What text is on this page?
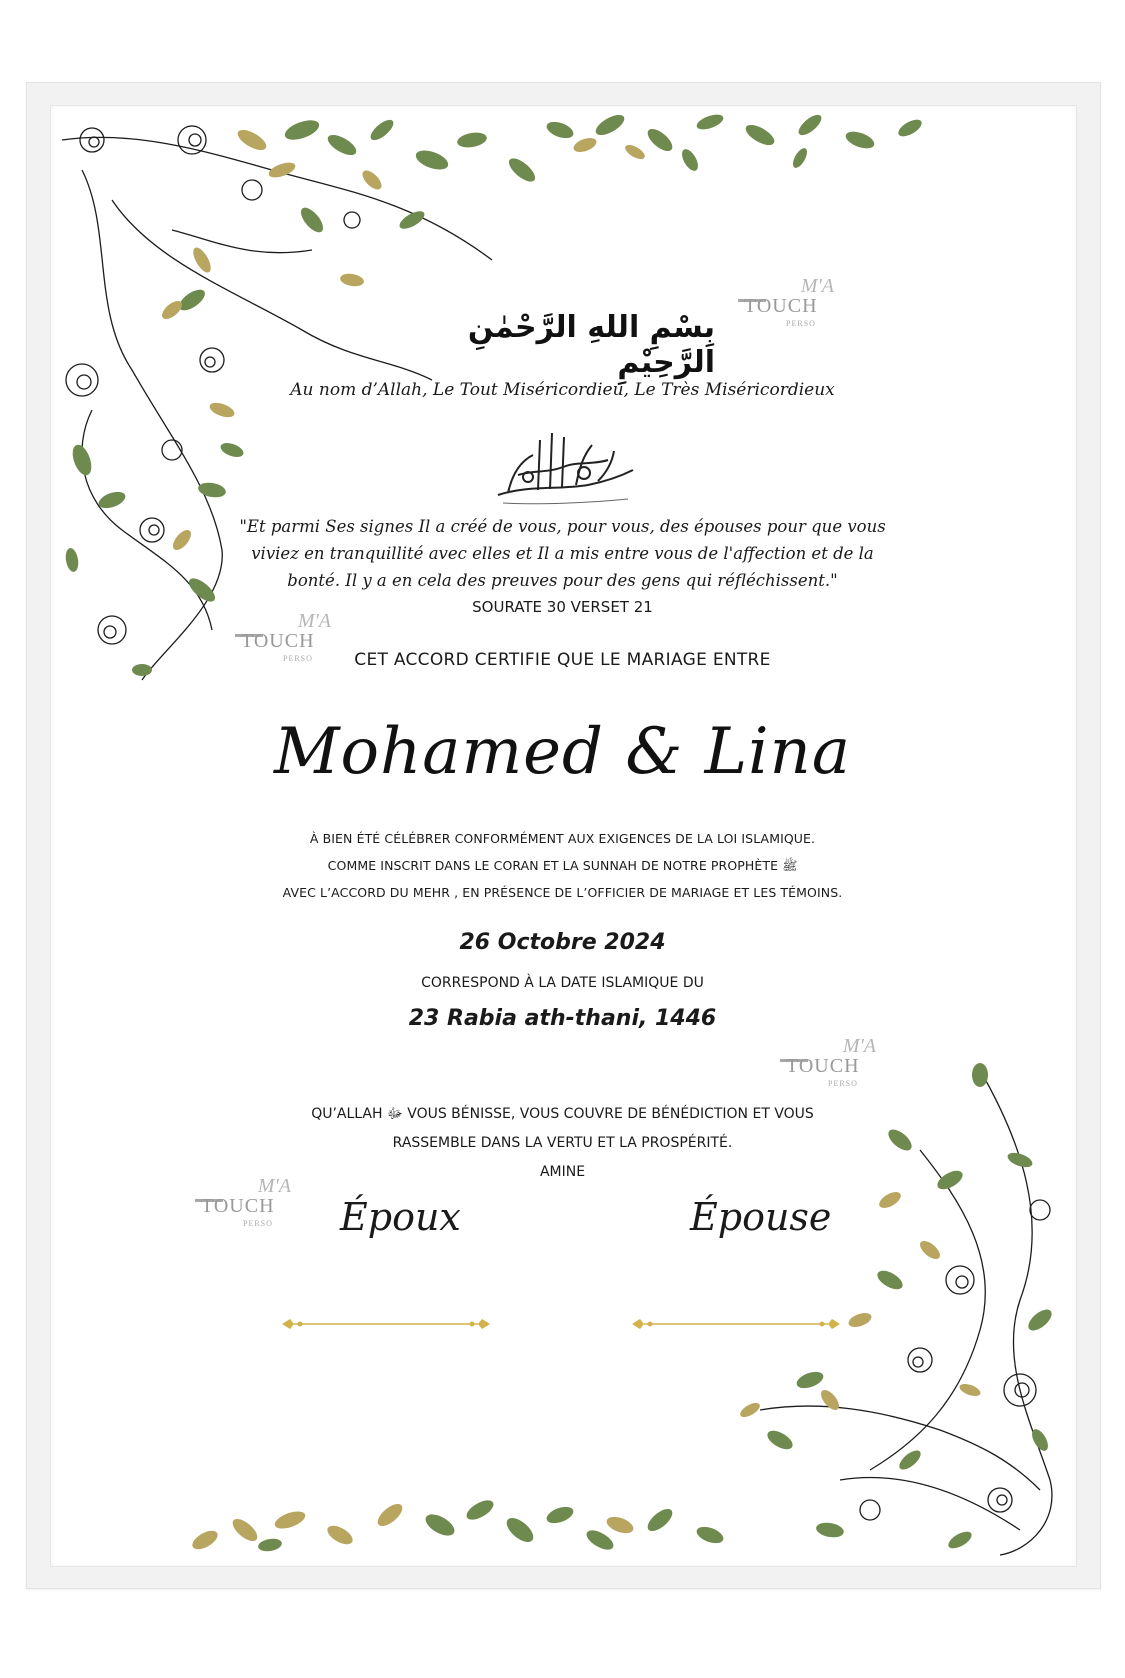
بِسْمِ اللهِ الرَّحْمٰنِ الرَّحِيْمِ
Au nom d’Allah, Le Tout Miséricordieu, Le Très Miséricordieux
"Et parmi Ses signes Il a créé de vous, pour vous, des épouses pour que vous
viviez en tranquillité avec elles et Il a mis entre vous de l'affection et de la
bonté. Il y a en cela des preuves pour des gens qui réfléchissent."
SOURATE 30 VERSET 21
CET ACCORD CERTIFIE QUE LE MARIAGE ENTRE
Mohamed & Lina
À BIEN ÉTÉ CÉLÉBRER CONFORMÉMENT AUX EXIGENCES DE LA LOI ISLAMIQUE.
COMME INSCRIT DANS LE CORAN ET LA SUNNAH DE NOTRE PROPHÈTE ﷺ
AVEC L’ACCORD DU MEHR , EN PRÉSENCE DE L’OFFICIER DE MARIAGE ET LES TÉMOINS.
26 Octobre 2024
CORRESPOND À LA DATE ISLAMIQUE DU
23 Rabia ath-thani, 1446
QU’ALLAH ﷻ VOUS BÉNISSE, VOUS COUVRE DE BÉNÉDICTION ET VOUS
RASSEMBLE DANS LA VERTU ET LA PROSPÉRITÉ.
AMINE
Époux	Épouse
M'A
TOUCH
PERSO
M'A
TOUCH
PERSO
M'A
TOUCH
PERSO
M'A
TOUCH
PERSO
